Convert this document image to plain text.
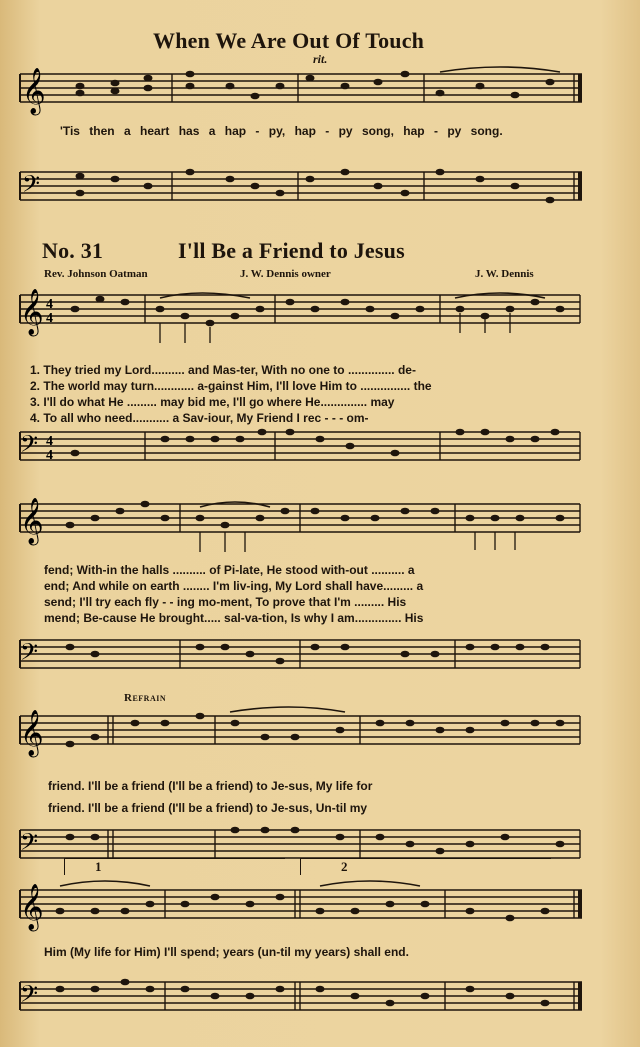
When We Are Out Of Touch
rit.
𝄞
'Tis then a heart has a hap - py, hap - py song, hap - py song.
𝄢
No. 31	I'll Be a Friend to Jesus
Rev. Johnson Oatman	J. W. Dennis owner	J. W. Dennis
𝄞 4
4
1. They tried my Lord.......... and Mas-ter, With no one to .............. de-
2. The world may turn............ a-gainst Him, I'll love Him to ............... the
3. I'll do what He ......... may bid me, I'll go where He.............. may
4. To all who need........... a Sav-iour, My Friend I rec - - - om-
𝄢 4
4
𝄞
fend; With-in the halls .......... of Pi-late, He stood with-out .......... a
end; And while on earth ........ I'm liv-ing, My Lord shall have......... a
send; I'll try each fly - - ing mo-ment, To prove that I'm ......... His
mend; Be-cause He brought..... sal-va-tion, Is why I am.............. His
𝄢
Refrain
𝄞
friend. I'll be a friend (I'll be a friend) to Je-sus, My life for
friend. I'll be a friend (I'll be a friend) to Je-sus, Un-til my
𝄢
1	2
𝄞
Him (My life for Him) I'll spend; years (un-til my years) shall end.
𝄢
